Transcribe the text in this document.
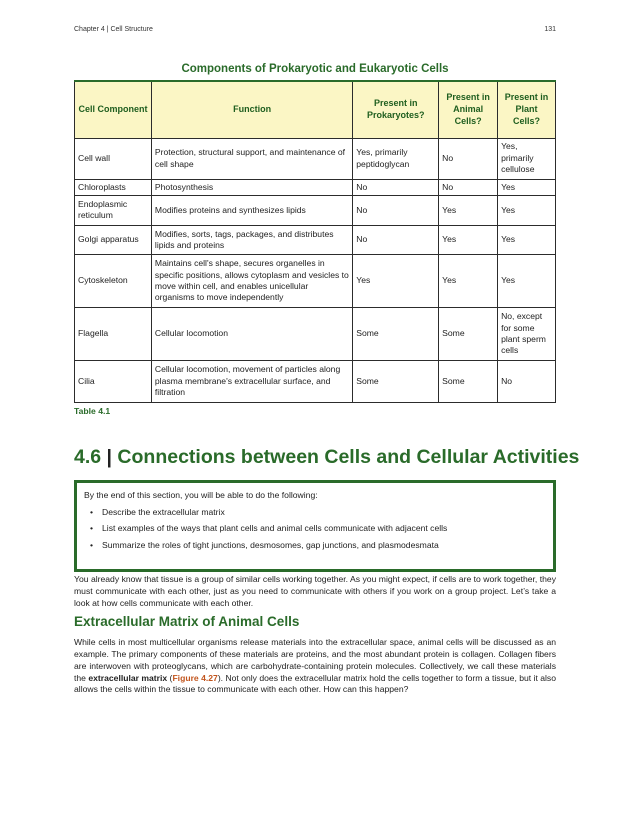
Chapter 4 | Cell Structure	131
Components of Prokaryotic and Eukaryotic Cells
Cell Component	Function	Present in Prokaryotes?	Present in Animal Cells?	Present in Plant Cells?
Cell wall	Protection, structural support, and maintenance of cell shape	Yes, primarily peptidoglycan	No	Yes, primarily cellulose
Chloroplasts	Photosynthesis	No	No	Yes
Endoplasmic reticulum	Modifies proteins and synthesizes lipids	No	Yes	Yes
Golgi apparatus	Modifies, sorts, tags, packages, and distributes lipids and proteins	No	Yes	Yes
Cytoskeleton	Maintains cell's shape, secures organelles in specific positions, allows cytoplasm and vesicles to move within cell, and enables unicellular organisms to move independently	Yes	Yes	Yes
Flagella	Cellular locomotion	Some	Some	No, except for some plant sperm cells
Cilia	Cellular locomotion, movement of particles along plasma membrane's extracellular surface, and filtration	Some	Some	No
Table 4.1
4.6 | Connections between Cells and Cellular Activities
By the end of this section, you will be able to do the following:
• Describe the extracellular matrix
• List examples of the ways that plant cells and animal cells communicate with adjacent cells
• Summarize the roles of tight junctions, desmosomes, gap junctions, and plasmodesmata

You already know that tissue is a group of similar cells working together. As you might expect, if cells are to work together, they must communicate with each other, just as you need to communicate with others if you work on a group project. Let’s take a look at how cells communicate with each other.

Extracellular Matrix of Animal Cells

While cells in most multicellular organisms release materials into the extracellular space, animal cells will be discussed as an example. The primary components of these materials are proteins, and the most abundant protein is collagen. Collagen fibers are interwoven with proteoglycans, which are carbohydrate-containing protein molecules. Collectively, we call these materials the extracellular matrix (Figure 4.27). Not only does the extracellular matrix hold the cells together to form a tissue, but it also allows the cells within the tissue to communicate with each other. How can this happen?
